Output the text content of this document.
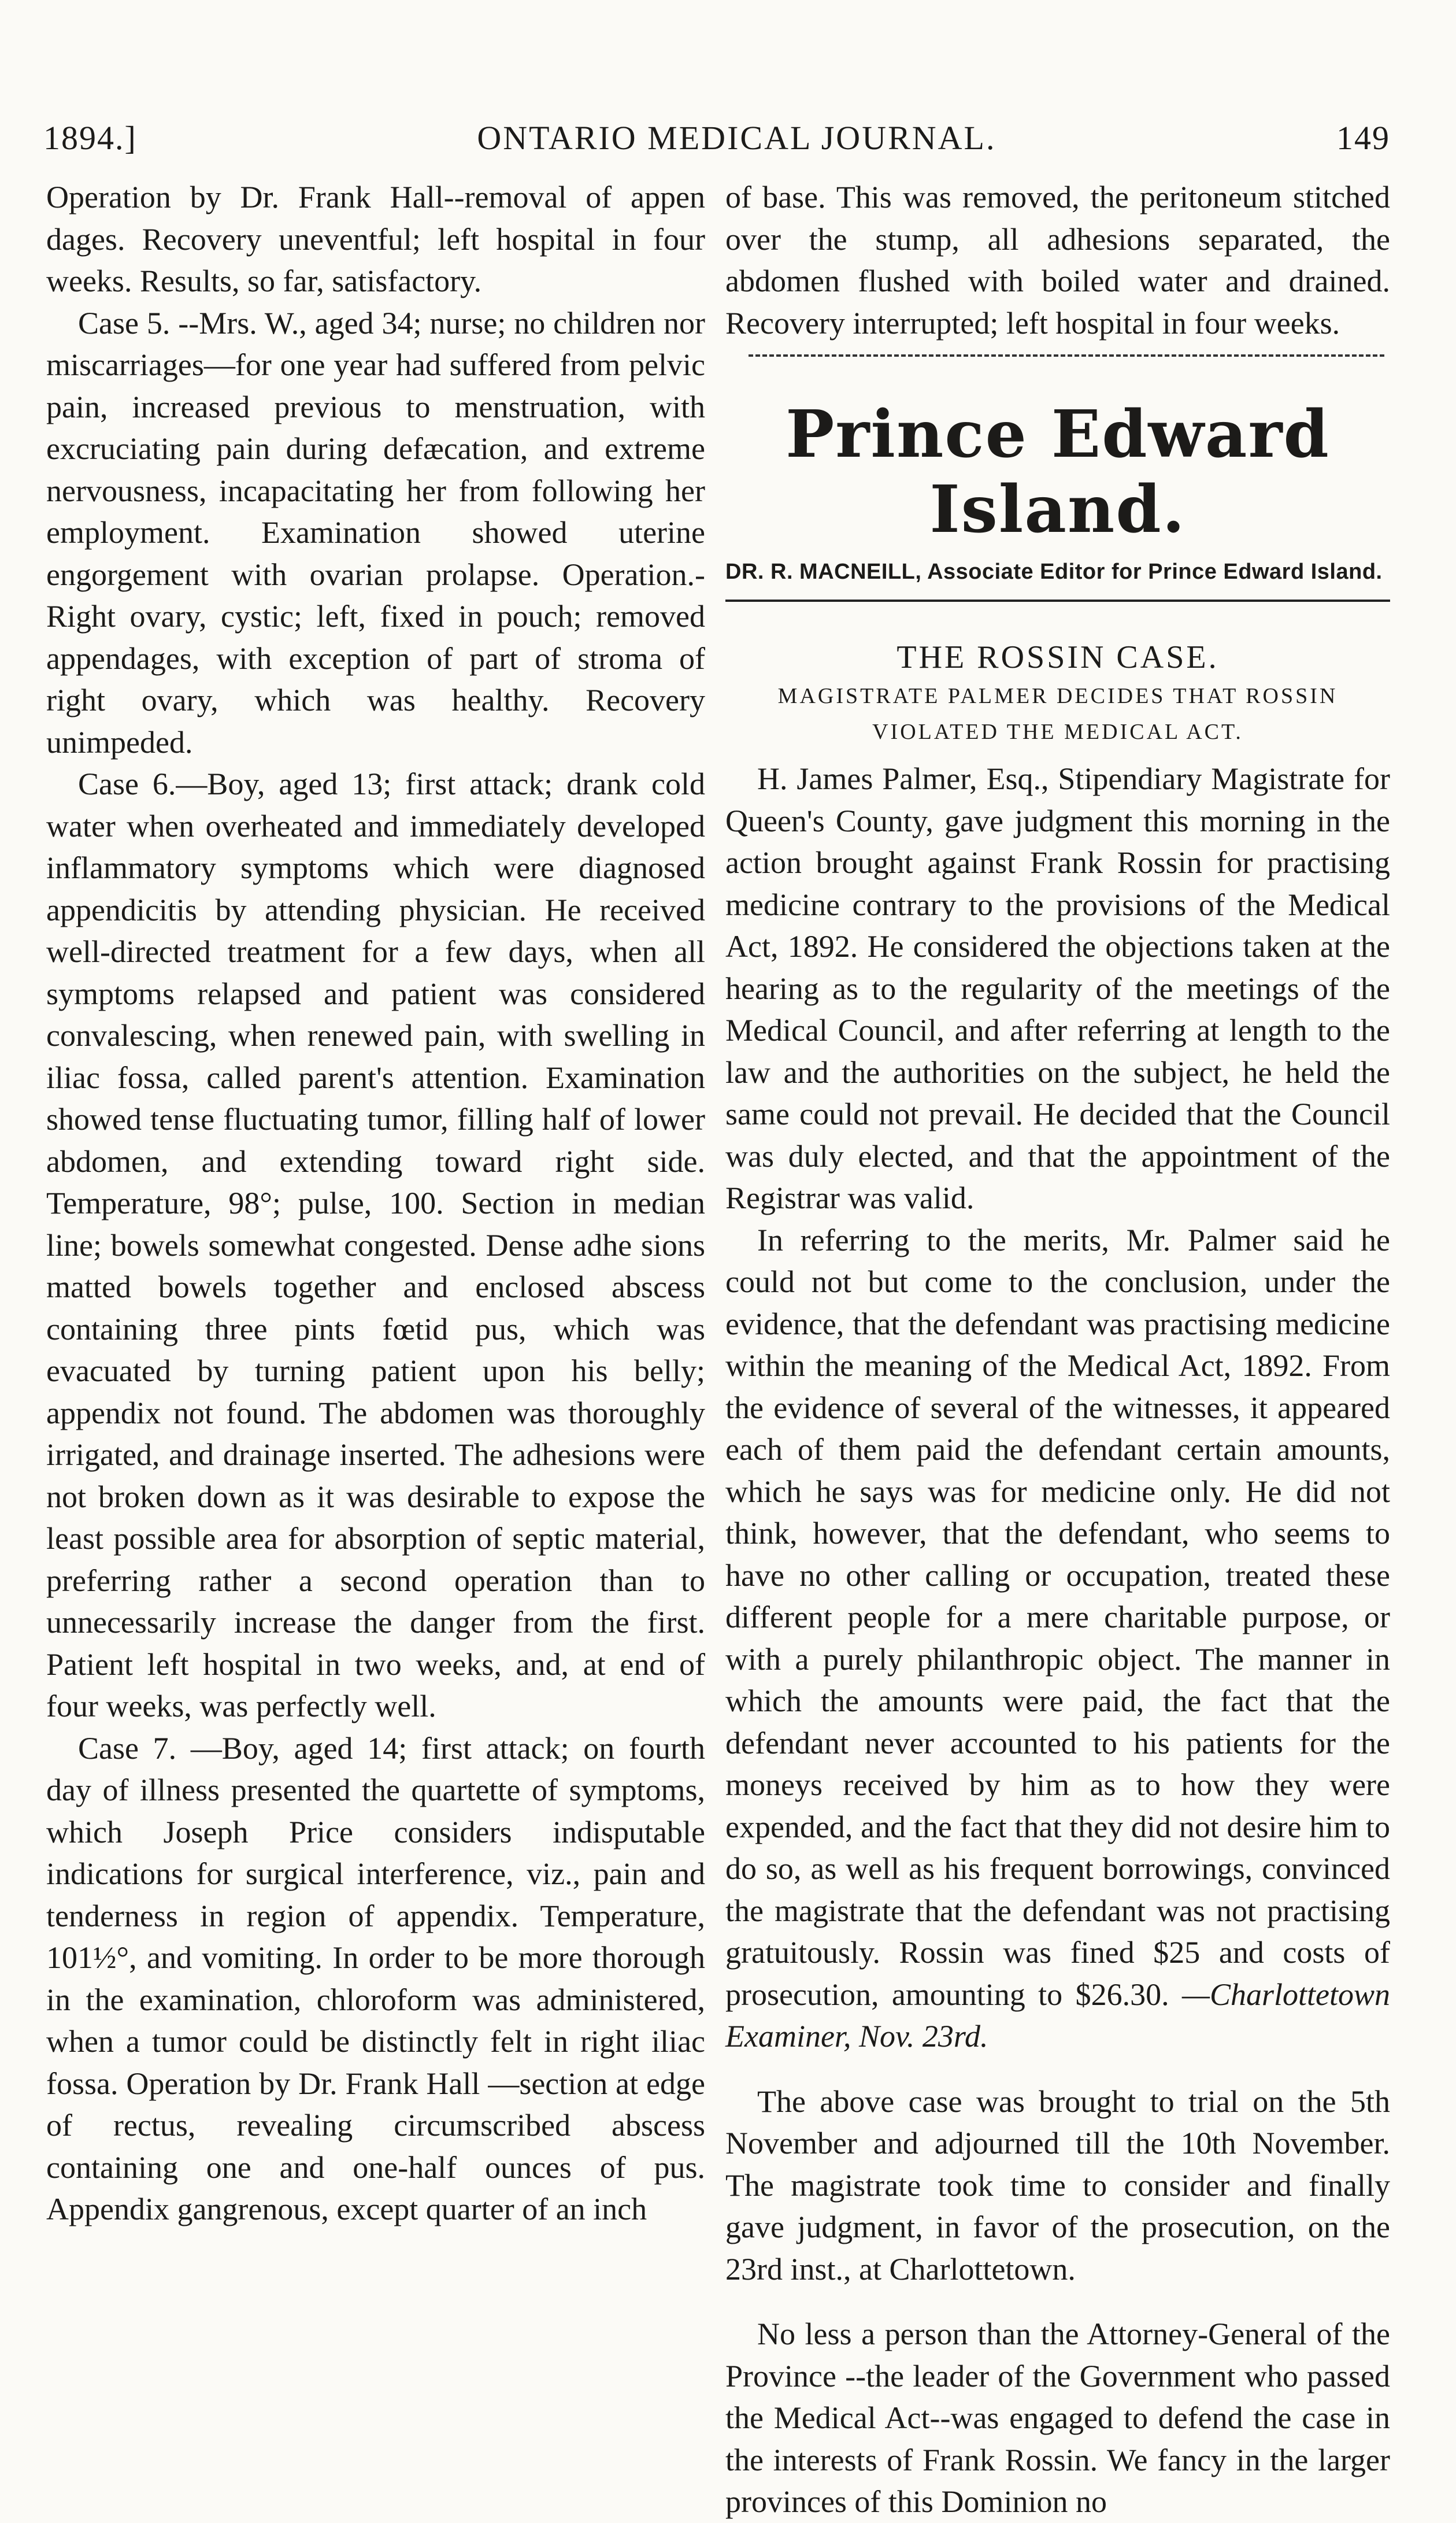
1894.]	ONTARIO MEDICAL JOURNAL.	149

Operation by Dr. Frank Hall--removal of appen dages. Recovery uneventful; left hospital in four weeks. Results, so far, satisfactory.

Case 5. --Mrs. W., aged 34; nurse; no children nor miscarriages—for one year had suffered from pelvic pain, increased previous to menstruation, with excruciating pain during defæcation, and extreme nervousness, incapacitating her from following her employment. Examination showed uterine engorgement with ovarian prolapse. Operation.- Right ovary, cystic; left, fixed in pouch; removed appendages, with exception of part of stroma of right ovary, which was healthy. Recovery unimpeded.

Case 6.—Boy, aged 13; first attack; drank cold water when overheated and immediately developed inflammatory symptoms which were diagnosed appendicitis by attending physician. He received well-directed treatment for a few days, when all symptoms relapsed and patient was considered convalescing, when renewed pain, with swelling in iliac fossa, called parent's attention. Examination showed tense fluctuating tumor, filling half of lower abdomen, and extending toward right side. Temperature, 98°; pulse, 100. Section in median line; bowels somewhat congested. Dense adhe sions matted bowels together and enclosed abscess containing three pints fœtid pus, which was evacuated by turning patient upon his belly; appendix not found. The abdomen was thoroughly irrigated, and drainage inserted. The adhesions were not broken down as it was desirable to expose the least possible area for absorption of septic material, preferring rather a second operation than to unnecessarily increase the danger from the first. Patient left hospital in two weeks, and, at end of four weeks, was perfectly well.

Case 7. —Boy, aged 14; first attack; on fourth day of illness presented the quartette of symptoms, which Joseph Price considers indisputable indications for surgical interference, viz., pain and tenderness in region of appendix. Temperature, 101½°, and vomiting. In order to be more thorough in the examination, chloroform was administered, when a tumor could be distinctly felt in right iliac fossa. Operation by Dr. Frank Hall —section at edge of rectus, revealing circumscribed abscess containing one and one-half ounces of pus. Appendix gangrenous, except quarter of an inch

of base. This was removed, the peritoneum stitched over the stump, all adhesions separated, the abdomen flushed with boiled water and drained. Recovery interrupted; left hospital in four weeks.

Prince Edward Island.
DR. R. MACNEILL, Associate Editor for Prince Edward Island.
THE ROSSIN CASE.
MAGISTRATE PALMER DECIDES THAT ROSSIN VIOLATED THE MEDICAL ACT.

H. James Palmer, Esq., Stipendiary Magistrate for Queen's County, gave judgment this morning in the action brought against Frank Rossin for practising medicine contrary to the provisions of the Medical Act, 1892. He considered the objections taken at the hearing as to the regularity of the meetings of the Medical Council, and after referring at length to the law and the authorities on the subject, he held the same could not prevail. He decided that the Council was duly elected, and that the appointment of the Registrar was valid.

In referring to the merits, Mr. Palmer said he could not but come to the conclusion, under the evidence, that the defendant was practising medicine within the meaning of the Medical Act, 1892. From the evidence of several of the witnesses, it appeared each of them paid the defendant certain amounts, which he says was for medicine only. He did not think, however, that the defendant, who seems to have no other calling or occupation, treated these different people for a mere charitable purpose, or with a purely philanthropic object. The manner in which the amounts were paid, the fact that the defendant never accounted to his patients for the moneys received by him as to how they were expended, and the fact that they did not desire him to do so, as well as his frequent borrowings, convinced the magistrate that the defendant was not practising gratuitously. Rossin was fined $25 and costs of prosecution, amounting to $26.30. —Charlottetown Examiner, Nov. 23rd.

The above case was brought to trial on the 5th November and adjourned till the 10th November. The magistrate took time to consider and finally gave judgment, in favor of the prosecution, on the 23rd inst., at Charlottetown.

No less a person than the Attorney-General of the Province --the leader of the Government who passed the Medical Act--was engaged to defend the case in the interests of Frank Rossin. We fancy in the larger provinces of this Dominion no
